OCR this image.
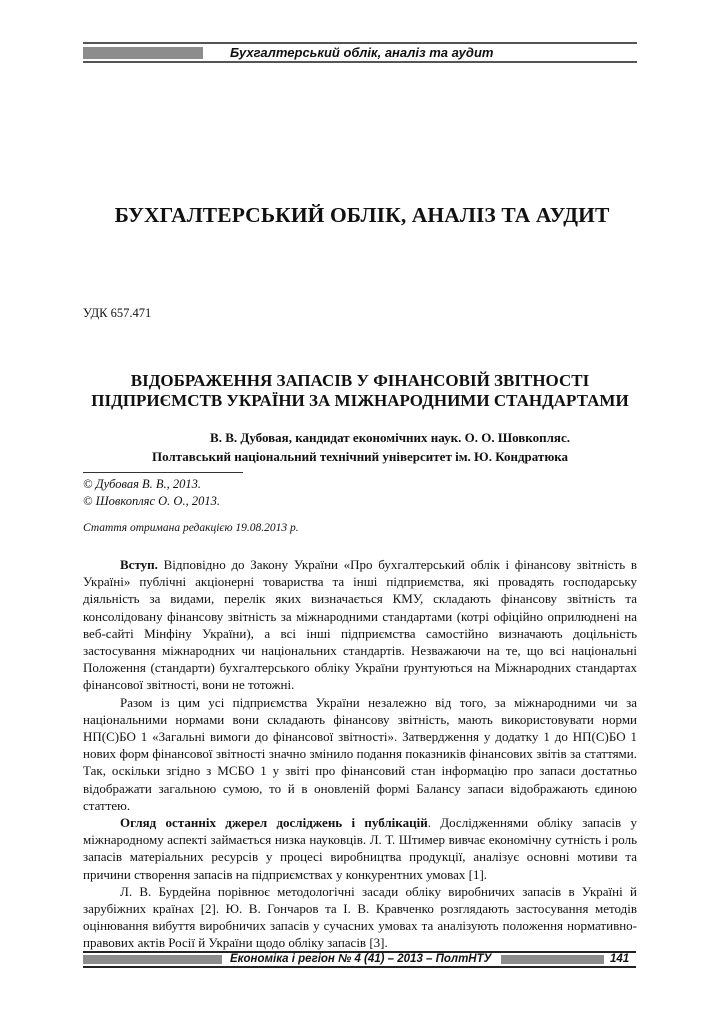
Бухгалтерський облік, аналіз та аудит
БУХГАЛТЕРСЬКИЙ ОБЛІК, АНАЛІЗ ТА АУДИТ
УДК 657.471
ВІДОБРАЖЕННЯ ЗАПАСІВ У ФІНАНСОВІЙ ЗВІТНОСТІ
ПІДПРИЄМСТВ УКРАЇНИ ЗА МІЖНАРОДНИМИ СТАНДАРТАМИ
В. В. Дубовая, кандидат економічних наук. О. О. Шовкопляс.
Полтавський національний технічний університет ім. Ю. Кондратюка
© Дубовая В. В., 2013.
© Шовкопляс О. О., 2013.
Стаття отримана редакцією 19.08.2013 р.

Вступ. Відповідно до Закону України «Про бухгалтерський облік і фінансову звітність в Україні» публічні акціонерні товариства та інші підприємства, які провадять господарську діяльність за видами, перелік яких визначається КМУ, складають фінансову звітність та консолідовану фінансову звітність за міжнародними стандартами (котрі офіційно оприлюднені на веб-сайті Мінфіну України), а всі інші підприємства самостійно визначають доцільність застосування міжнародних чи національних стандартів. Незважаючи на те, що всі національні Положення (стандарти) бухгалтерського обліку України ґрунтуються на Міжнародних стандартах фінансової звітності, вони не тотожні.

Разом із цим усі підприємства України незалежно від того, за міжнародними чи за національними нормами вони складають фінансову звітність, мають використовувати норми НП(С)БО 1 «Загальні вимоги до фінансової звітності». Затвердження у додатку 1 до НП(С)БО 1 нових форм фінансової звітності значно змінило подання показників фінансових звітів за статтями. Так, оскільки згідно з МСБО 1 у звіті про фінансовий стан інформацію про запаси достатньо відображати загальною сумою, то й в оновленій формі Балансу запаси відображають єдиною статтею.

Огляд останніх джерел досліджень і публікацій. Дослідженнями обліку запасів у міжнародному аспекті займається низка науковців. Л. Т. Штимер вивчає економічну сутність і роль запасів матеріальних ресурсів у процесі виробництва продукції, аналізує основні мотиви та причини створення запасів на підприємствах у конкурентних умовах [1].

Л. В. Бурдейна порівнює методологічні засади обліку виробничих запасів в Україні й зарубіжних країнах [2]. Ю. В. Гончаров та І. В. Кравченко розглядають застосування методів оцінювання вибуття виробничих запасів у сучасних умовах та аналізують положення нормативно-правових актів Росії й України щодо обліку запасів [3].

Економіка і регіон № 4 (41) – 2013 – ПолтНТУ	141
